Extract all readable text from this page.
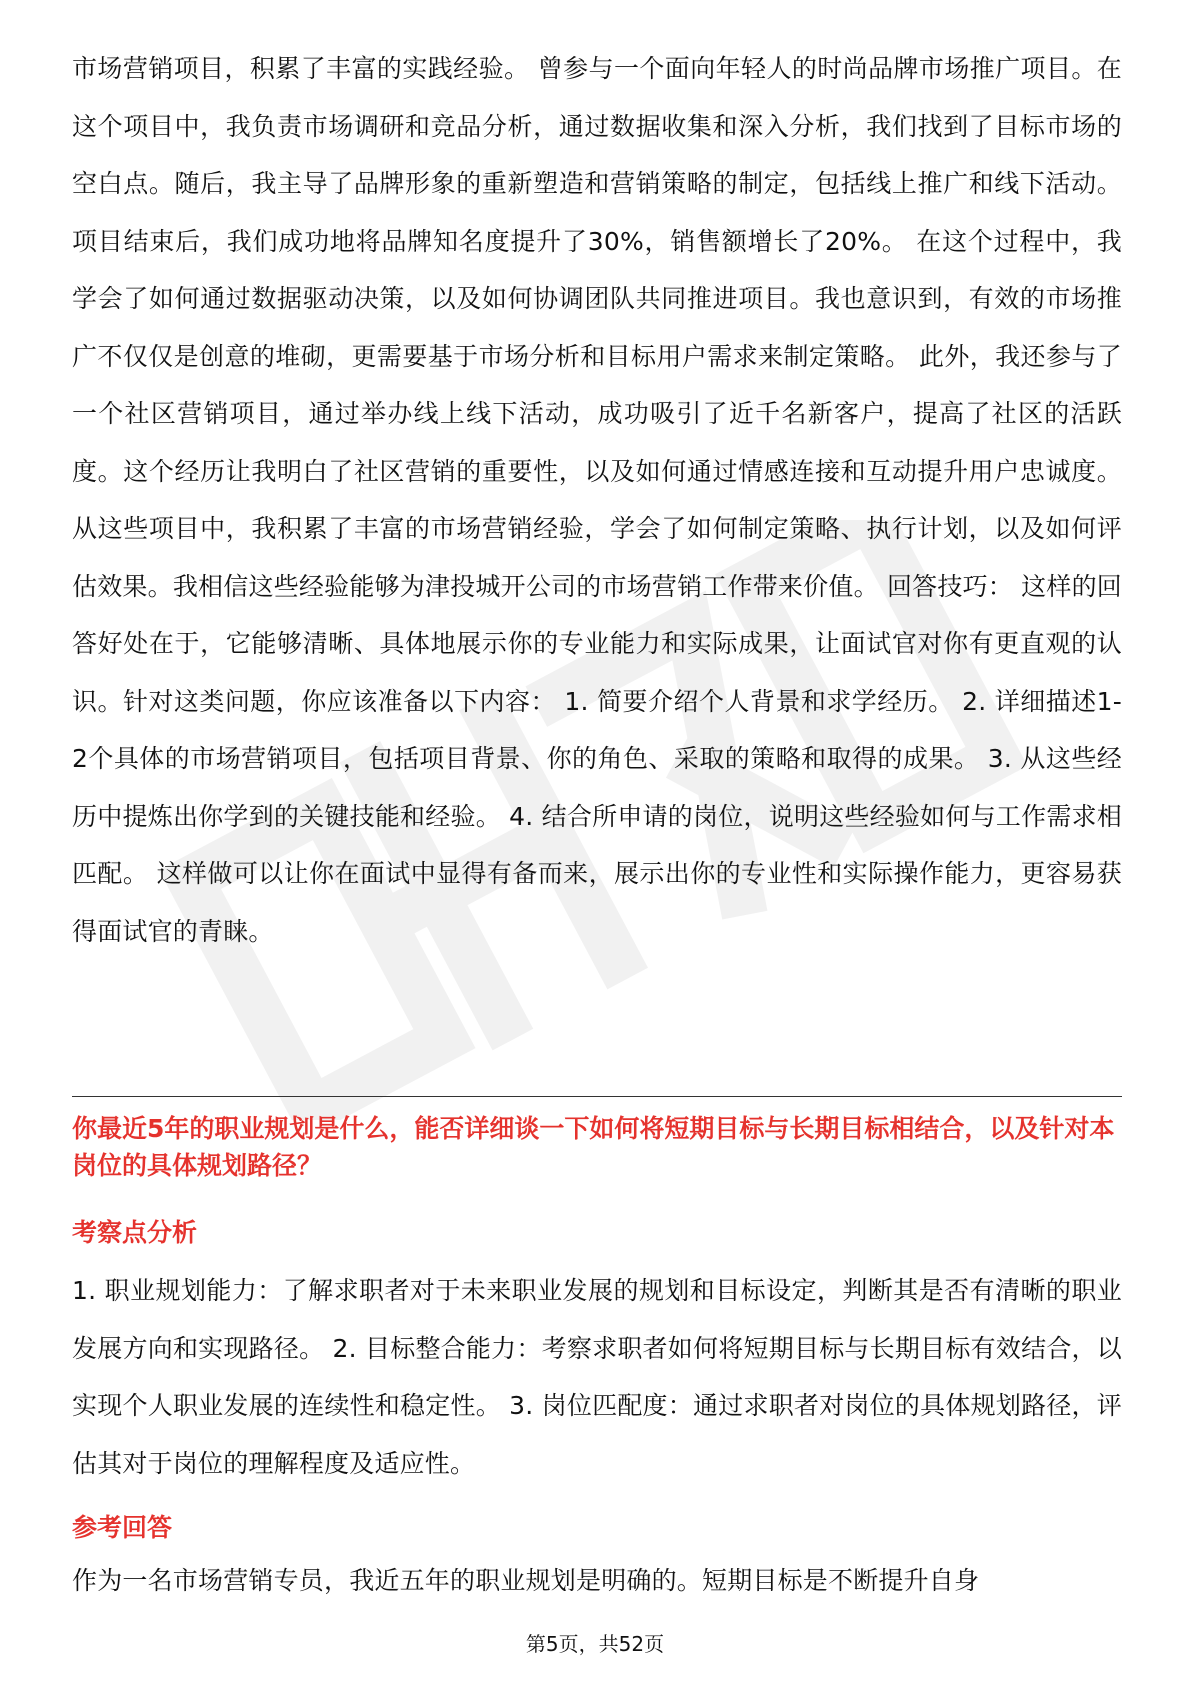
市场营销项目，积累了丰富的实践经验。 曾参与一个面向年轻人的时尚品牌市场推广项目。在这个项目中，我负责市场调研和竞品分析，通过数据收集和深入分析，我们找到了目标市场的空白点。随后，我主导了品牌形象的重新塑造和营销策略的制定，包括线上推广和线下活动。项目结束后，我们成功地将品牌知名度提升了30%，销售额增长了20%。 在这个过程中，我学会了如何通过数据驱动决策，以及如何协调团队共同推进项目。我也意识到，有效的市场推广不仅仅是创意的堆砌，更需要基于市场分析和目标用户需求来制定策略。 此外，我还参与了一个社区营销项目，通过举办线上线下活动，成功吸引了近千名新客户，提高了社区的活跃度。这个经历让我明白了社区营销的重要性，以及如何通过情感连接和互动提升用户忠诚度。 从这些项目中，我积累了丰富的市场营销经验，学会了如何制定策略、执行计划，以及如何评估效果。我相信这些经验能够为津投城开公司的市场营销工作带来价值。 回答技巧： 这样的回答好处在于，它能够清晰、具体地展示你的专业能力和实际成果，让面试官对你有更直观的认识。针对这类问题，你应该准备以下内容： 1. 简要介绍个人背景和求学经历。 2. 详细描述1-2个具体的市场营销项目，包括项目背景、你的角色、采取的策略和取得的成果。 3. 从这些经历中提炼出你学到的关键技能和经验。 4. 结合所申请的岗位，说明这些经验如何与工作需求相匹配。 这样做可以让你在面试中显得有备而来，展示出你的专业性和实际操作能力，更容易获得面试官的青睐。

你最近5年的职业规划是什么，能否详细谈一下如何将短期目标与长期目标相结合，以及针对本岗位的具体规划路径？

考察点分析

1. 职业规划能力：了解求职者对于未来职业发展的规划和目标设定，判断其是否有清晰的职业发展方向和实现路径。 2. 目标整合能力：考察求职者如何将短期目标与长期目标有效结合，以实现个人职业发展的连续性和稳定性。 3. 岗位匹配度：通过求职者对岗位的具体规划路径，评估其对于岗位的理解程度及适应性。

参考回答

作为一名市场营销专员，我近五年的职业规划是明确的。短期目标是不断提升自身

第5页，共52页
